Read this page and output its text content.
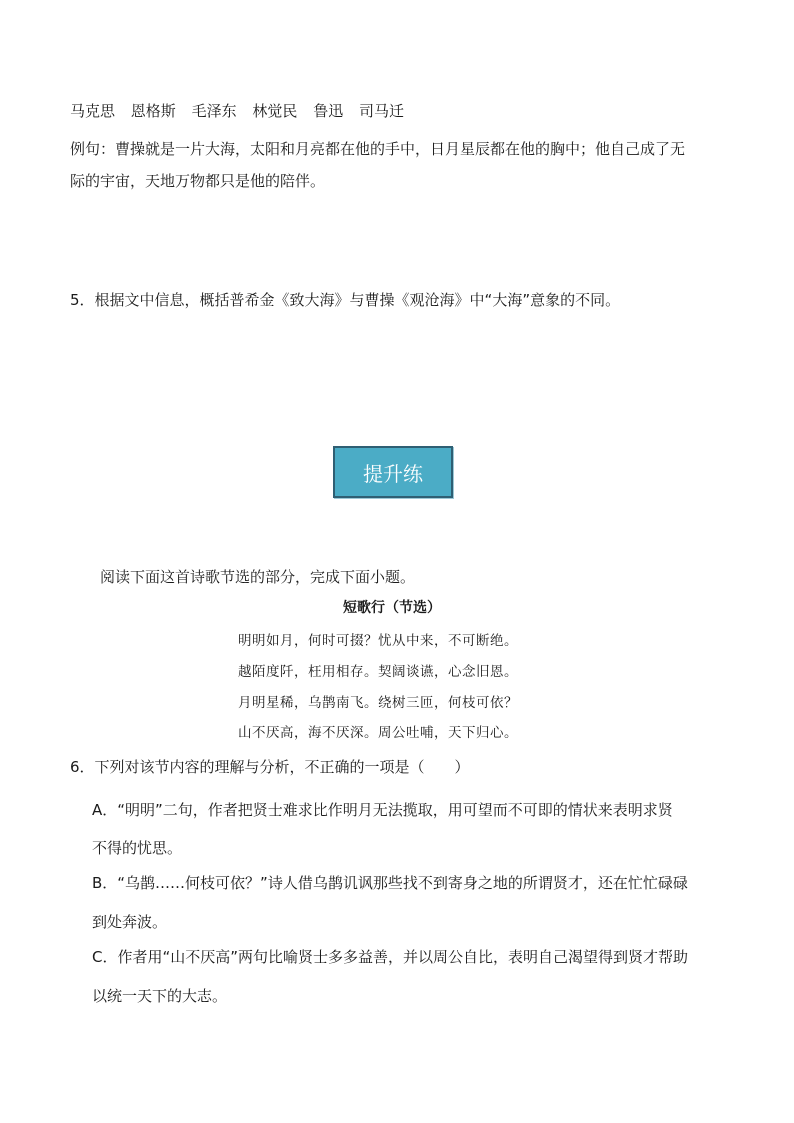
马克思 恩格斯 毛泽东 林觉民 鲁迅 司马迁
例句：曹操就是一片大海，太阳和月亮都在他的手中，日月星辰都在他的胸中；他自己成了无
际的宇宙，天地万物都只是他的陪伴。
5．根据文中信息，概括普希金《致大海》与曹操《观沧海》中“大海”意象的不同。
提升练
阅读下面这首诗歌节选的部分，完成下面小题。
短歌行（节选）
明明如月，何时可掇？忧从中来，不可断绝。
越陌度阡，枉用相存。契阔谈䜩，心念旧恩。
月明星稀，乌鹊南飞。绕树三匝，何枝可依？
山不厌高，海不厌深。周公吐哺，天下归心。
6．下列对该节内容的理解与分析，不正确的一项是（　　）
A．“明明”二句，作者把贤士难求比作明月无法揽取，用可望而不可即的情状来表明求贤
不得的忧思。
B．“乌鹊……何枝可依？”诗人借乌鹊讥讽那些找不到寄身之地的所谓贤才，还在忙忙碌碌
到处奔波。
C．作者用“山不厌高”两句比喻贤士多多益善，并以周公自比，表明自己渴望得到贤才帮助
以统一天下的大志。
